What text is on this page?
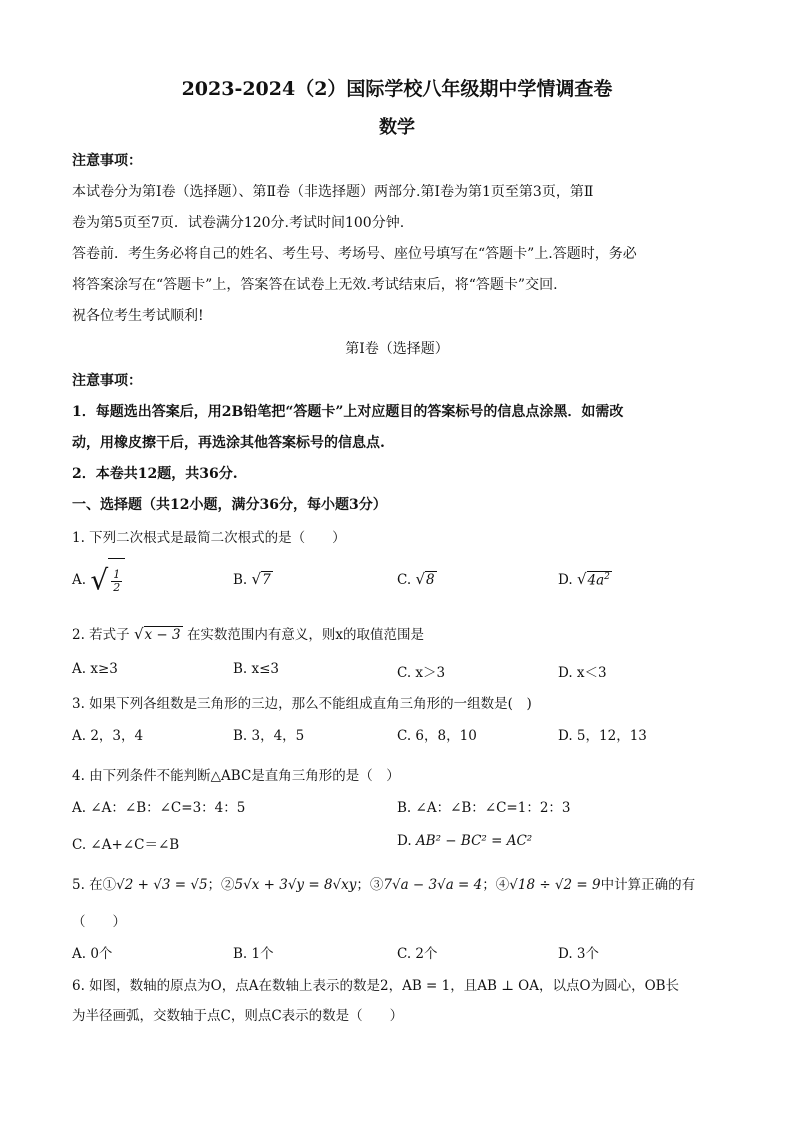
2023-2024（2）国际学校八年级期中学情调查卷
数学
注意事项：
本试卷分为第Ⅰ卷（选择题）、第Ⅱ卷（非选择题）两部分.第Ⅰ卷为第1页至第3页，第Ⅱ
卷为第5页至7页．试卷满分120分.考试时间100分钟.
答卷前．考生务必将自己的姓名、考生号、考场号、座位号填写在“答题卡”上.答题时，务必
将答案涂写在“答题卡”上，答案答在试卷上无效.考试结束后，将“答题卡”交回.
祝各位考生考试顺利!
第Ⅰ卷（选择题）
注意事项：
1．每题选出答案后，用2B铅笔把“答题卡”上对应题目的答案标号的信息点涂黑．如需改
动，用橡皮擦干后，再选涂其他答案标号的信息点.
2．本卷共12题，共36分.
一、选择题（共12小题，满分36分，每小题3分）
1. 下列二次根式是最简二次根式的是（　　）
A. √ $\frac{1}{2}$	B. √7	C. √8	D. $√4a^2$
2. 若式子 √x − 3 在实数范围内有意义，则x的取值范围是
A. x≥3	B. x≤3	C. x＞3	D. x＜3
3. 如果下列各组数是三角形的三边，那么不能组成直角三角形的一组数是(　)
A. 2，3，4	B. 3，4，5	C. 6，8，10	D. 5，12，13
4. 由下列条件不能判断△ABC是直角三角形的是（　）
A. ∠A：∠B：∠C=3：4：5	B. ∠A：∠B：∠C=1：2：3
C. ∠A+∠C＝∠B	D. AB² − BC² = AC²
5. 在①√2 + √3 = √5；②5√x + 3√y = 8√xy；③7√a − 3√a = 4；④√18 ÷ √2 = 9中计算正确的有
（　　）
A. 0个	B. 1个	C. 2个	D. 3个
6. 如图，数轴的原点为O，点A在数轴上表示的数是2，AB = 1，且AB ⊥ OA，以点O为圆心，OB长
为半径画弧，交数轴于点C，则点C表示的数是（　　）
